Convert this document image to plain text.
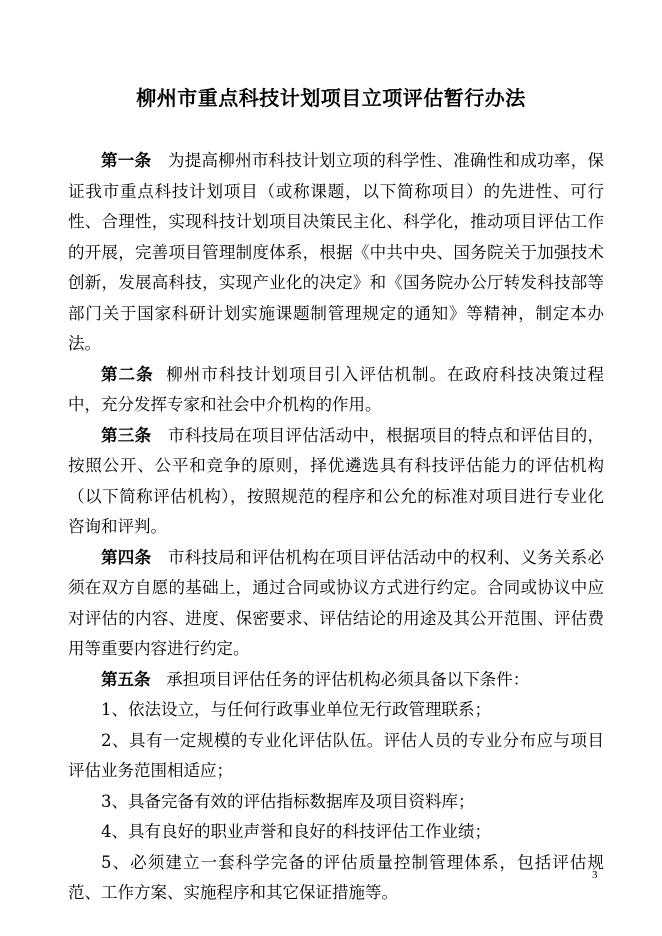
柳州市重点科技计划项目立项评估暂行办法

第一条 为提高柳州市科技计划立项的科学性、准确性和成功率，保证我市重点科技计划项目（或称课题，以下简称项目）的先进性、可行性、合理性，实现科技计划项目决策民主化、科学化，推动项目评估工作的开展，完善项目管理制度体系，根据《中共中央、国务院关于加强技术创新，发展高科技，实现产业化的决定》和《国务院办公厅转发科技部等部门关于国家科研计划实施课题制管理规定的通知》等精神，制定本办法。

第二条 柳州市科技计划项目引入评估机制。在政府科技决策过程中，充分发挥专家和社会中介机构的作用。

第三条 市科技局在项目评估活动中，根据项目的特点和评估目的，按照公开、公平和竞争的原则，择优遴选具有科技评估能力的评估机构（以下简称评估机构），按照规范的程序和公允的标准对项目进行专业化咨询和评判。

第四条 市科技局和评估机构在项目评估活动中的权利、义务关系必须在双方自愿的基础上，通过合同或协议方式进行约定。合同或协议中应对评估的内容、进度、保密要求、评估结论的用途及其公开范围、评估费用等重要内容进行约定。

第五条 承担项目评估任务的评估机构必须具备以下条件：

1、依法设立，与任何行政事业单位无行政管理联系；

2、具有一定规模的专业化评估队伍。评估人员的专业分布应与项目评估业务范围相适应；

3、具备完备有效的评估指标数据库及项目资料库；

4、具有良好的职业声誉和良好的科技评估工作业绩；

5、必须建立一套科学完备的评估质量控制管理体系，包括评估规范、工作方案、实施程序和其它保证措施等。

3
